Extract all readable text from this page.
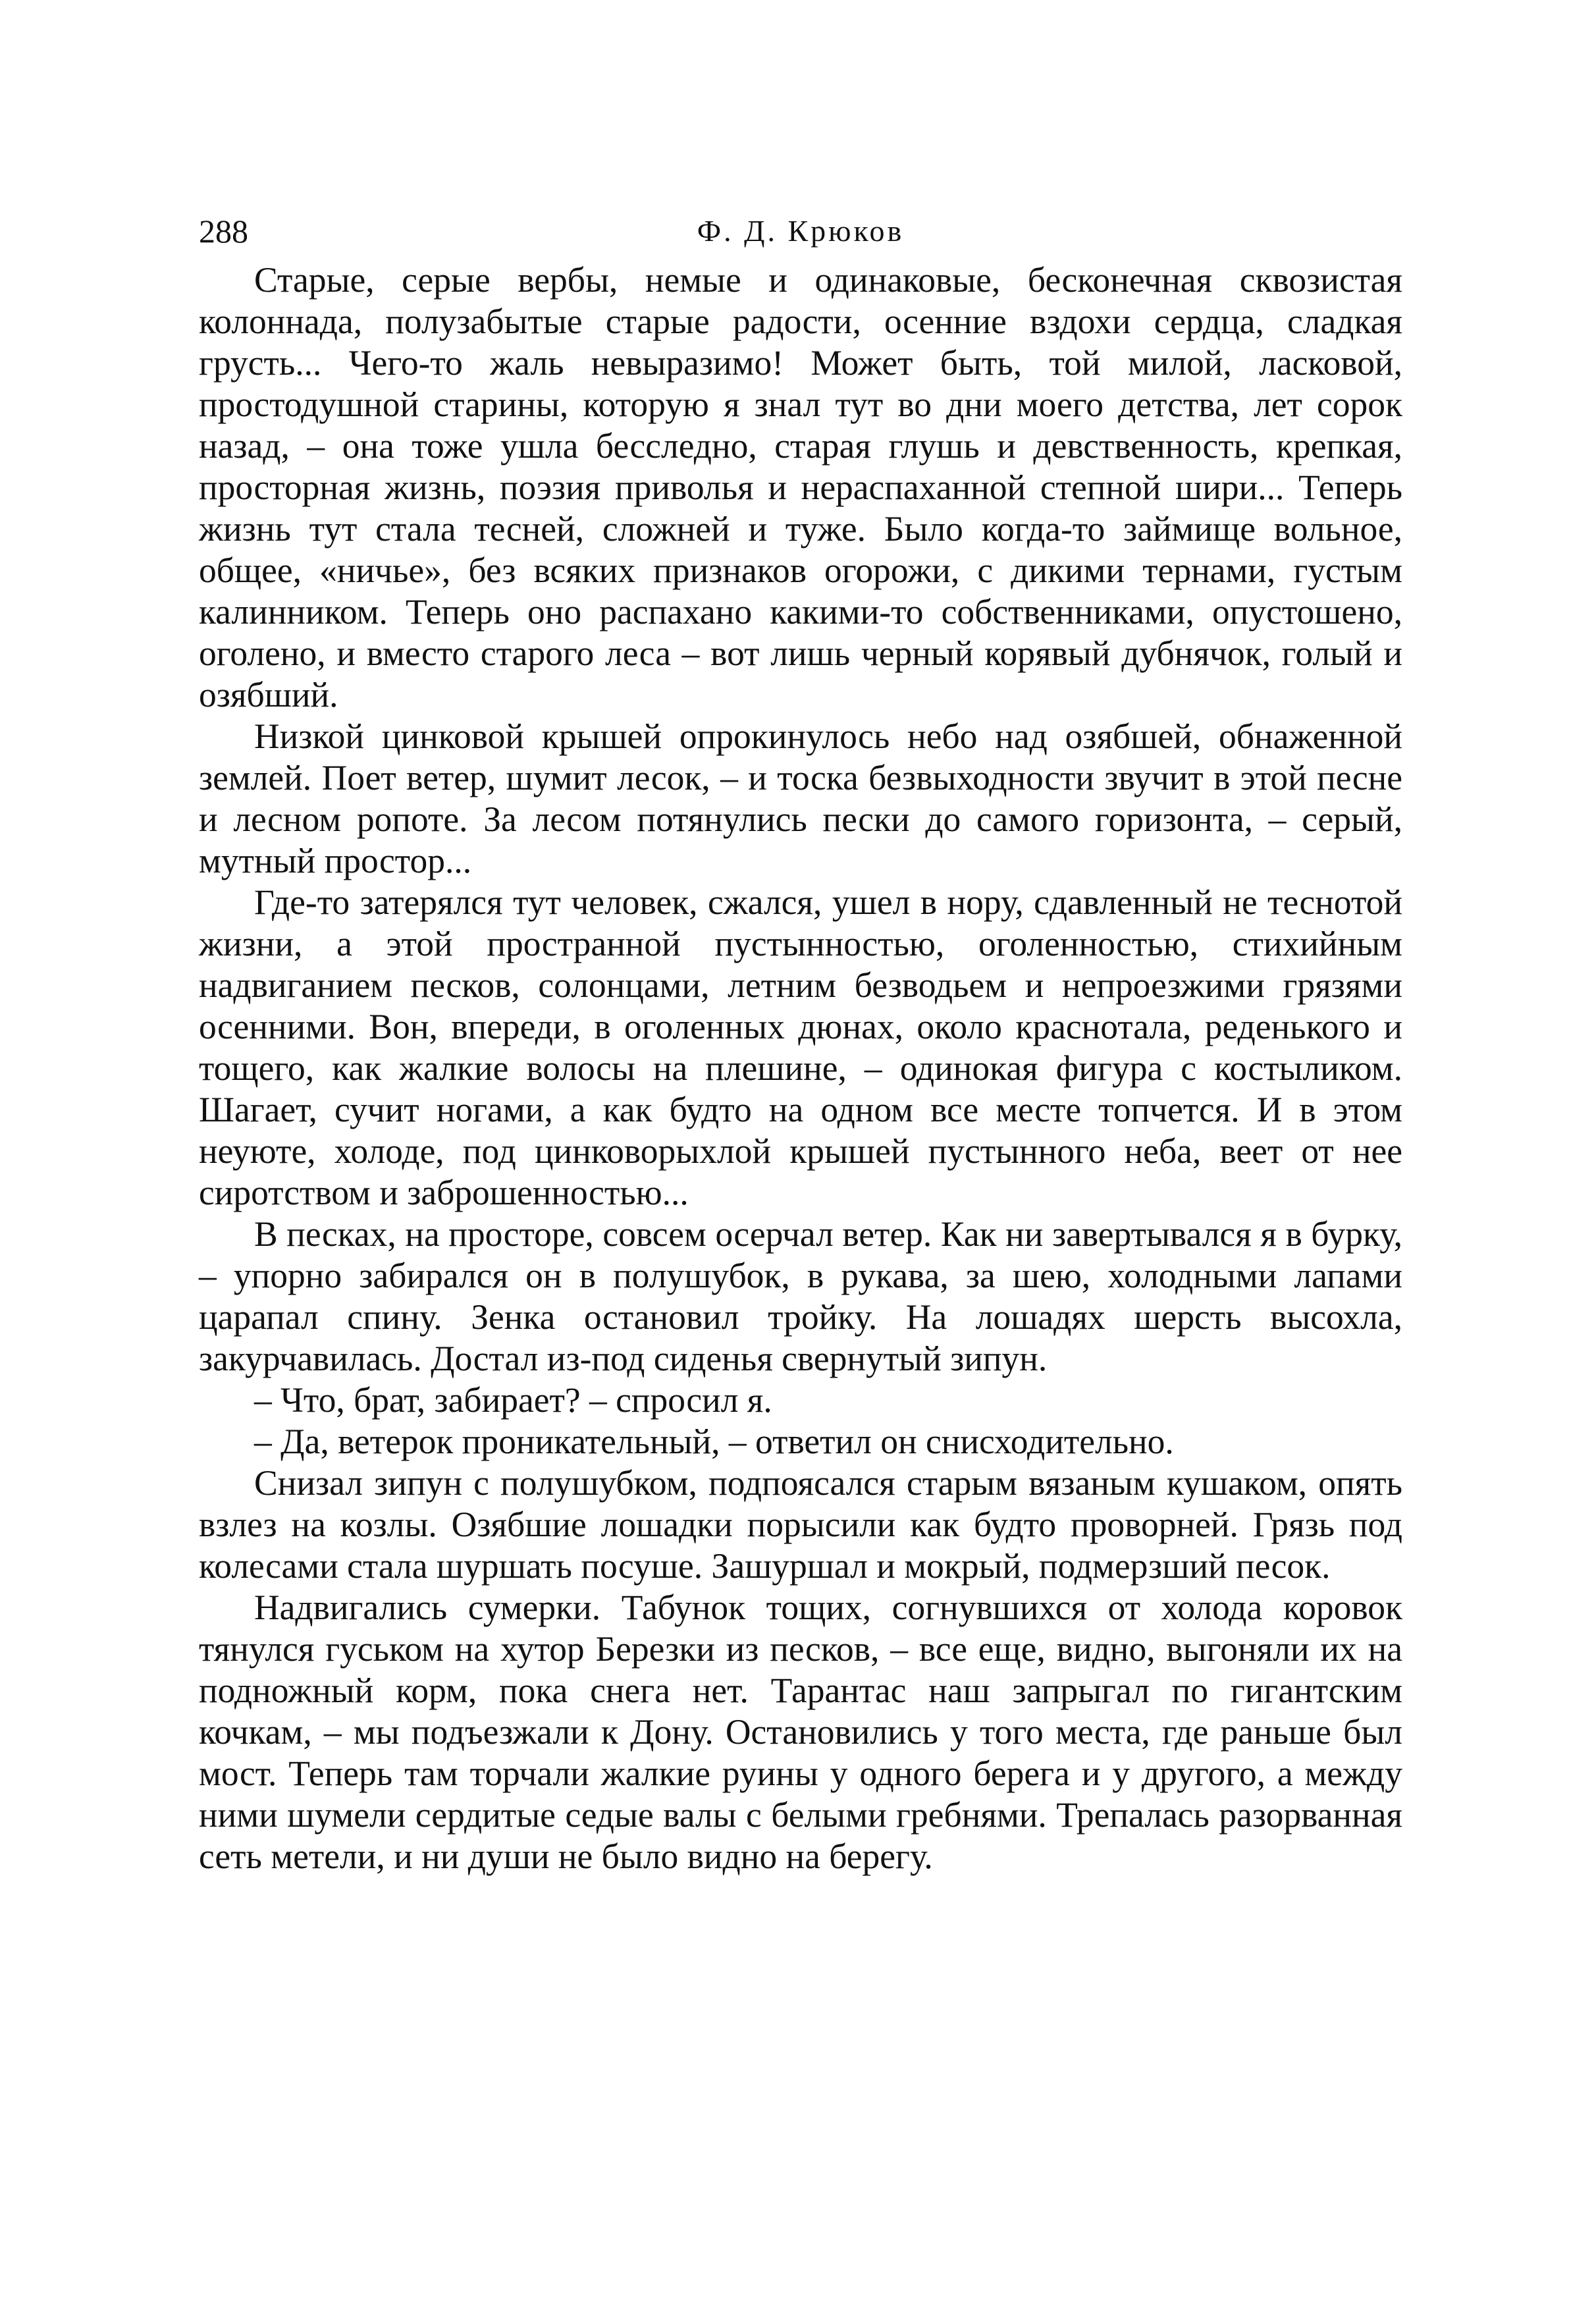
288	Ф. Д. Крюков

Старые, серые вербы, немые и одинаковые, бесконечная сквозистая колоннада, полузабытые старые радости, осенние вздохи сердца, сладкая грусть... Чего-то жаль невыразимо! Может быть, той милой, ласковой, простодушной старины, которую я знал тут во дни моего детства, лет сорок назад, – она тоже ушла бесследно, старая глушь и девственность, крепкая, просторная жизнь, поэзия приволья и нераспаханной степной шири... Теперь жизнь тут стала тесней, сложней и туже. Было когда-то займище вольное, общее, «ничье», без всяких признаков огорожи, с дикими тернами, густым калинником. Теперь оно распахано какими-то собственниками, опустошено, оголено, и вместо старого леса – вот лишь черный корявый дубнячок, голый и озябший.

Низкой цинковой крышей опрокинулось небо над озябшей, обнаженной землей. Поет ветер, шумит лесок, – и тоска безвыходности звучит в этой песне и лесном ропоте. За лесом потянулись пески до самого горизонта, – серый, мутный простор...

Где-то затерялся тут человек, сжался, ушел в нору, сдавленный не теснотой жизни, а этой пространной пустынностью, оголенностью, стихийным надвиганием песков, солонцами, летним безводьем и непроезжими грязями осенними. Вон, впереди, в оголенных дюнах, около краснотала, реденького и тощего, как жалкие волосы на плешине, – одинокая фигура с костыликом. Шагает, сучит ногами, а как будто на одном все месте топчется. И в этом неуюте, холоде, под цинковорыхлой крышей пустынного неба, веет от нее сиротством и заброшенностью...

В песках, на просторе, совсем осерчал ветер. Как ни завертывался я в бурку, – упорно забирался он в полушубок, в рукава, за шею, холодными лапами царапал спину. Зенка остановил тройку. На лошадях шерсть высохла, закурчавилась. Достал из-под сиденья свернутый зипун.

– Что, брат, забирает? – спросил я.

– Да, ветерок проникательный, – ответил он снисходительно.

Снизал зипун с полушубком, подпоясался старым вязаным кушаком, опять взлез на козлы. Озябшие лошадки порысили как будто проворней. Грязь под колесами стала шуршать посуше. Зашуршал и мокрый, подмерзший песок.

Надвигались сумерки. Табунок тощих, согнувшихся от холода коровок тянулся гуськом на хутор Березки из песков, – все еще, видно, выгоняли их на подножный корм, пока снега нет. Тарантас наш запрыгал по гигантским кочкам, – мы подъезжали к Дону. Остановились у того места, где раньше был мост. Теперь там торчали жалкие руины у одного берега и у другого, а между ними шумели сердитые седые валы с белыми гребнями. Трепалась разорванная сеть метели, и ни души не было видно на берегу.
